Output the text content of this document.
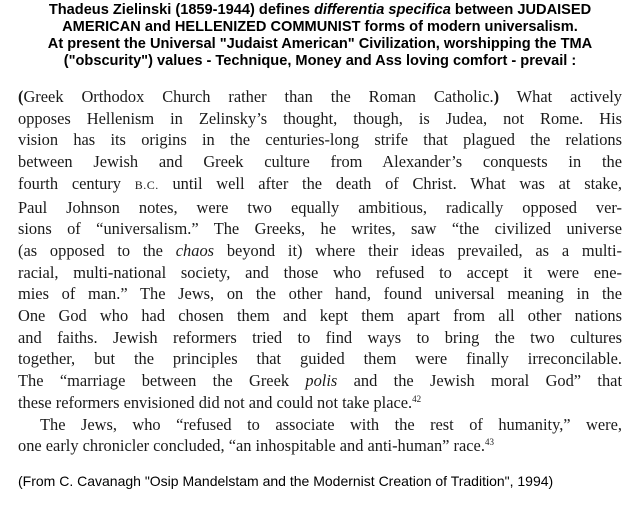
Thadeus Zielinski (1859-1944) defines differentia specifica between JUDAISED
AMERICAN and HELLENIZED COMMUNIST forms of modern universalism.
At present the Universal "Judaist American" Civilization, worshipping the TMA
("obscurity") values - Technique, Money and Ass loving comfort - prevail :
(Greek Orthodox Church rather than the Roman Catholic.) What actively
opposes Hellenism in Zelinsky’s thought, though, is Judea, not Rome. His
vision has its origins in the centuries-long strife that plagued the relations
between Jewish and Greek culture from Alexander’s conquests in the
fourth century B.C. until well after the death of Christ. What was at stake,
Paul Johnson notes, were two equally ambitious, radically opposed ver-
sions of “universalism.” The Greeks, he writes, saw “the civilized universe
(as opposed to the chaos beyond it) where their ideas prevailed, as a multi-
racial, multi-national society, and those who refused to accept it were ene-
mies of man.” The Jews, on the other hand, found universal meaning in the
One God who had chosen them and kept them apart from all other nations
and faiths. Jewish reformers tried to find ways to bring the two cultures
together, but the principles that guided them were finally irreconcilable.
The “marriage between the Greek polis and the Jewish moral God” that
these reformers envisioned did not and could not take place.$^{42}$
The Jews, who “refused to associate with the rest of humanity,” were,
one early chronicler concluded, “an inhospitable and anti-human” race.$^{43}$
(From C. Cavanagh "Osip Mandelstam and the Modernist Creation of Tradition", 1994)
